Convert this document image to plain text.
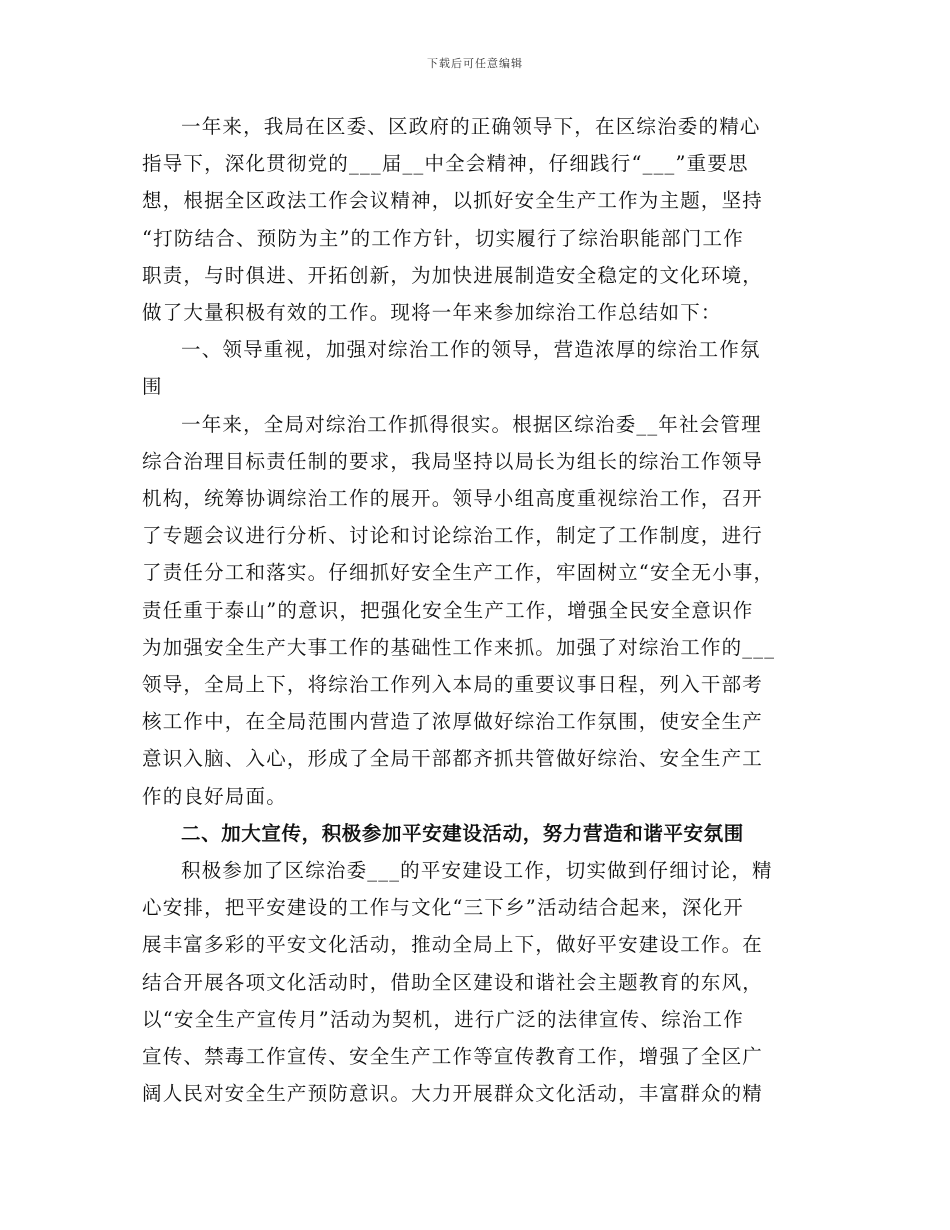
下载后可任意编辑

一年来，我局在区委、区政府的正确领导下，在区综治委的精心
指导下，深化贯彻党的___届__中全会精神，仔细践行“___”重要思
想，根据全区政法工作会议精神，以抓好安全生产工作为主题，坚持
“打防结合、预防为主”的工作方针，切实履行了综治职能部门工作
职责，与时俱进、开拓创新，为加快进展制造安全稳定的文化环境，
做了大量积极有效的工作。现将一年来参加综治工作总结如下：

一、领导重视，加强对综治工作的领导，营造浓厚的综治工作氛
围

一年来，全局对综治工作抓得很实。根据区综治委__年社会管理
综合治理目标责任制的要求，我局坚持以局长为组长的综治工作领导
机构，统筹协调综治工作的展开。领导小组高度重视综治工作，召开
了专题会议进行分析、讨论和讨论综治工作，制定了工作制度，进行
了责任分工和落实。仔细抓好安全生产工作，牢固树立“安全无小事，
责任重于泰山”的意识，把强化安全生产工作，增强全民安全意识作
为加强安全生产大事工作的基础性工作来抓。加强了对综治工作的___
领导，全局上下，将综治工作列入本局的重要议事日程，列入干部考
核工作中，在全局范围内营造了浓厚做好综治工作氛围，使安全生产
意识入脑、入心，形成了全局干部都齐抓共管做好综治、安全生产工
作的良好局面。

二、加大宣传，积极参加平安建设活动，努力营造和谐平安氛围

积极参加了区综治委___的平安建设工作，切实做到仔细讨论，精
心安排，把平安建设的工作与文化“三下乡”活动结合起来，深化开
展丰富多彩的平安文化活动，推动全局上下，做好平安建设工作。在
结合开展各项文化活动时，借助全区建设和谐社会主题教育的东风，
以“安全生产宣传月”活动为契机，进行广泛的法律宣传、综治工作
宣传、禁毒工作宣传、安全生产工作等宣传教育工作，增强了全区广
阔人民对安全生产预防意识。大力开展群众文化活动，丰富群众的精
